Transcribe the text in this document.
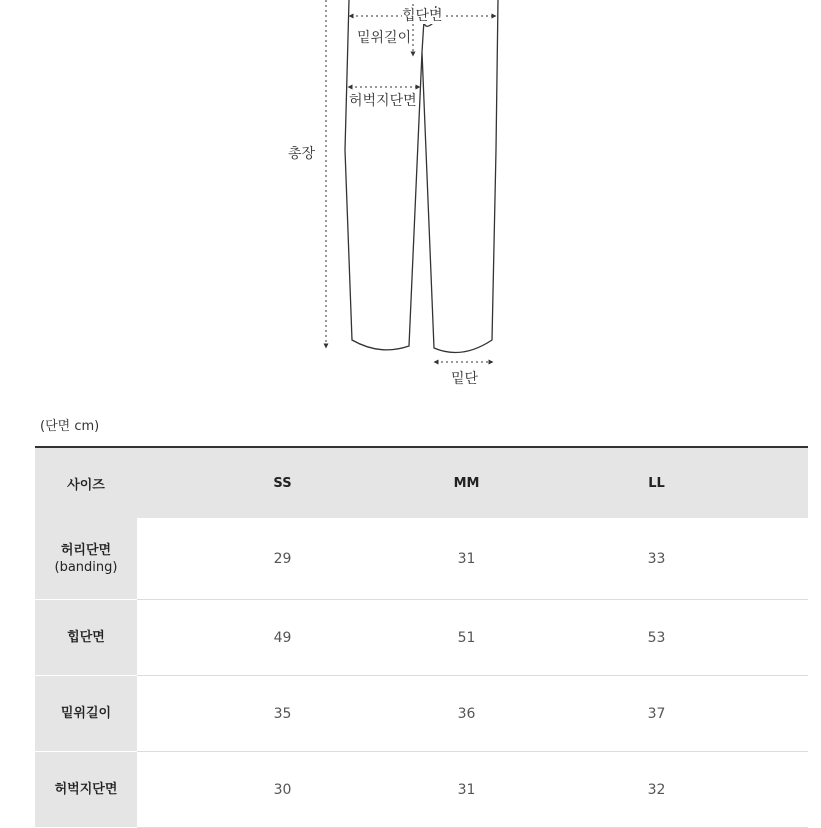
힙단면
밑위길이
허벅지단면
총장
밑단
(단면 cm)
사이즈	SS	MM	LL
허리단면
(banding)	29	31	33
힙단면	49	51	53
밑위길이	35	36	37
허벅지단면	30	31	32
